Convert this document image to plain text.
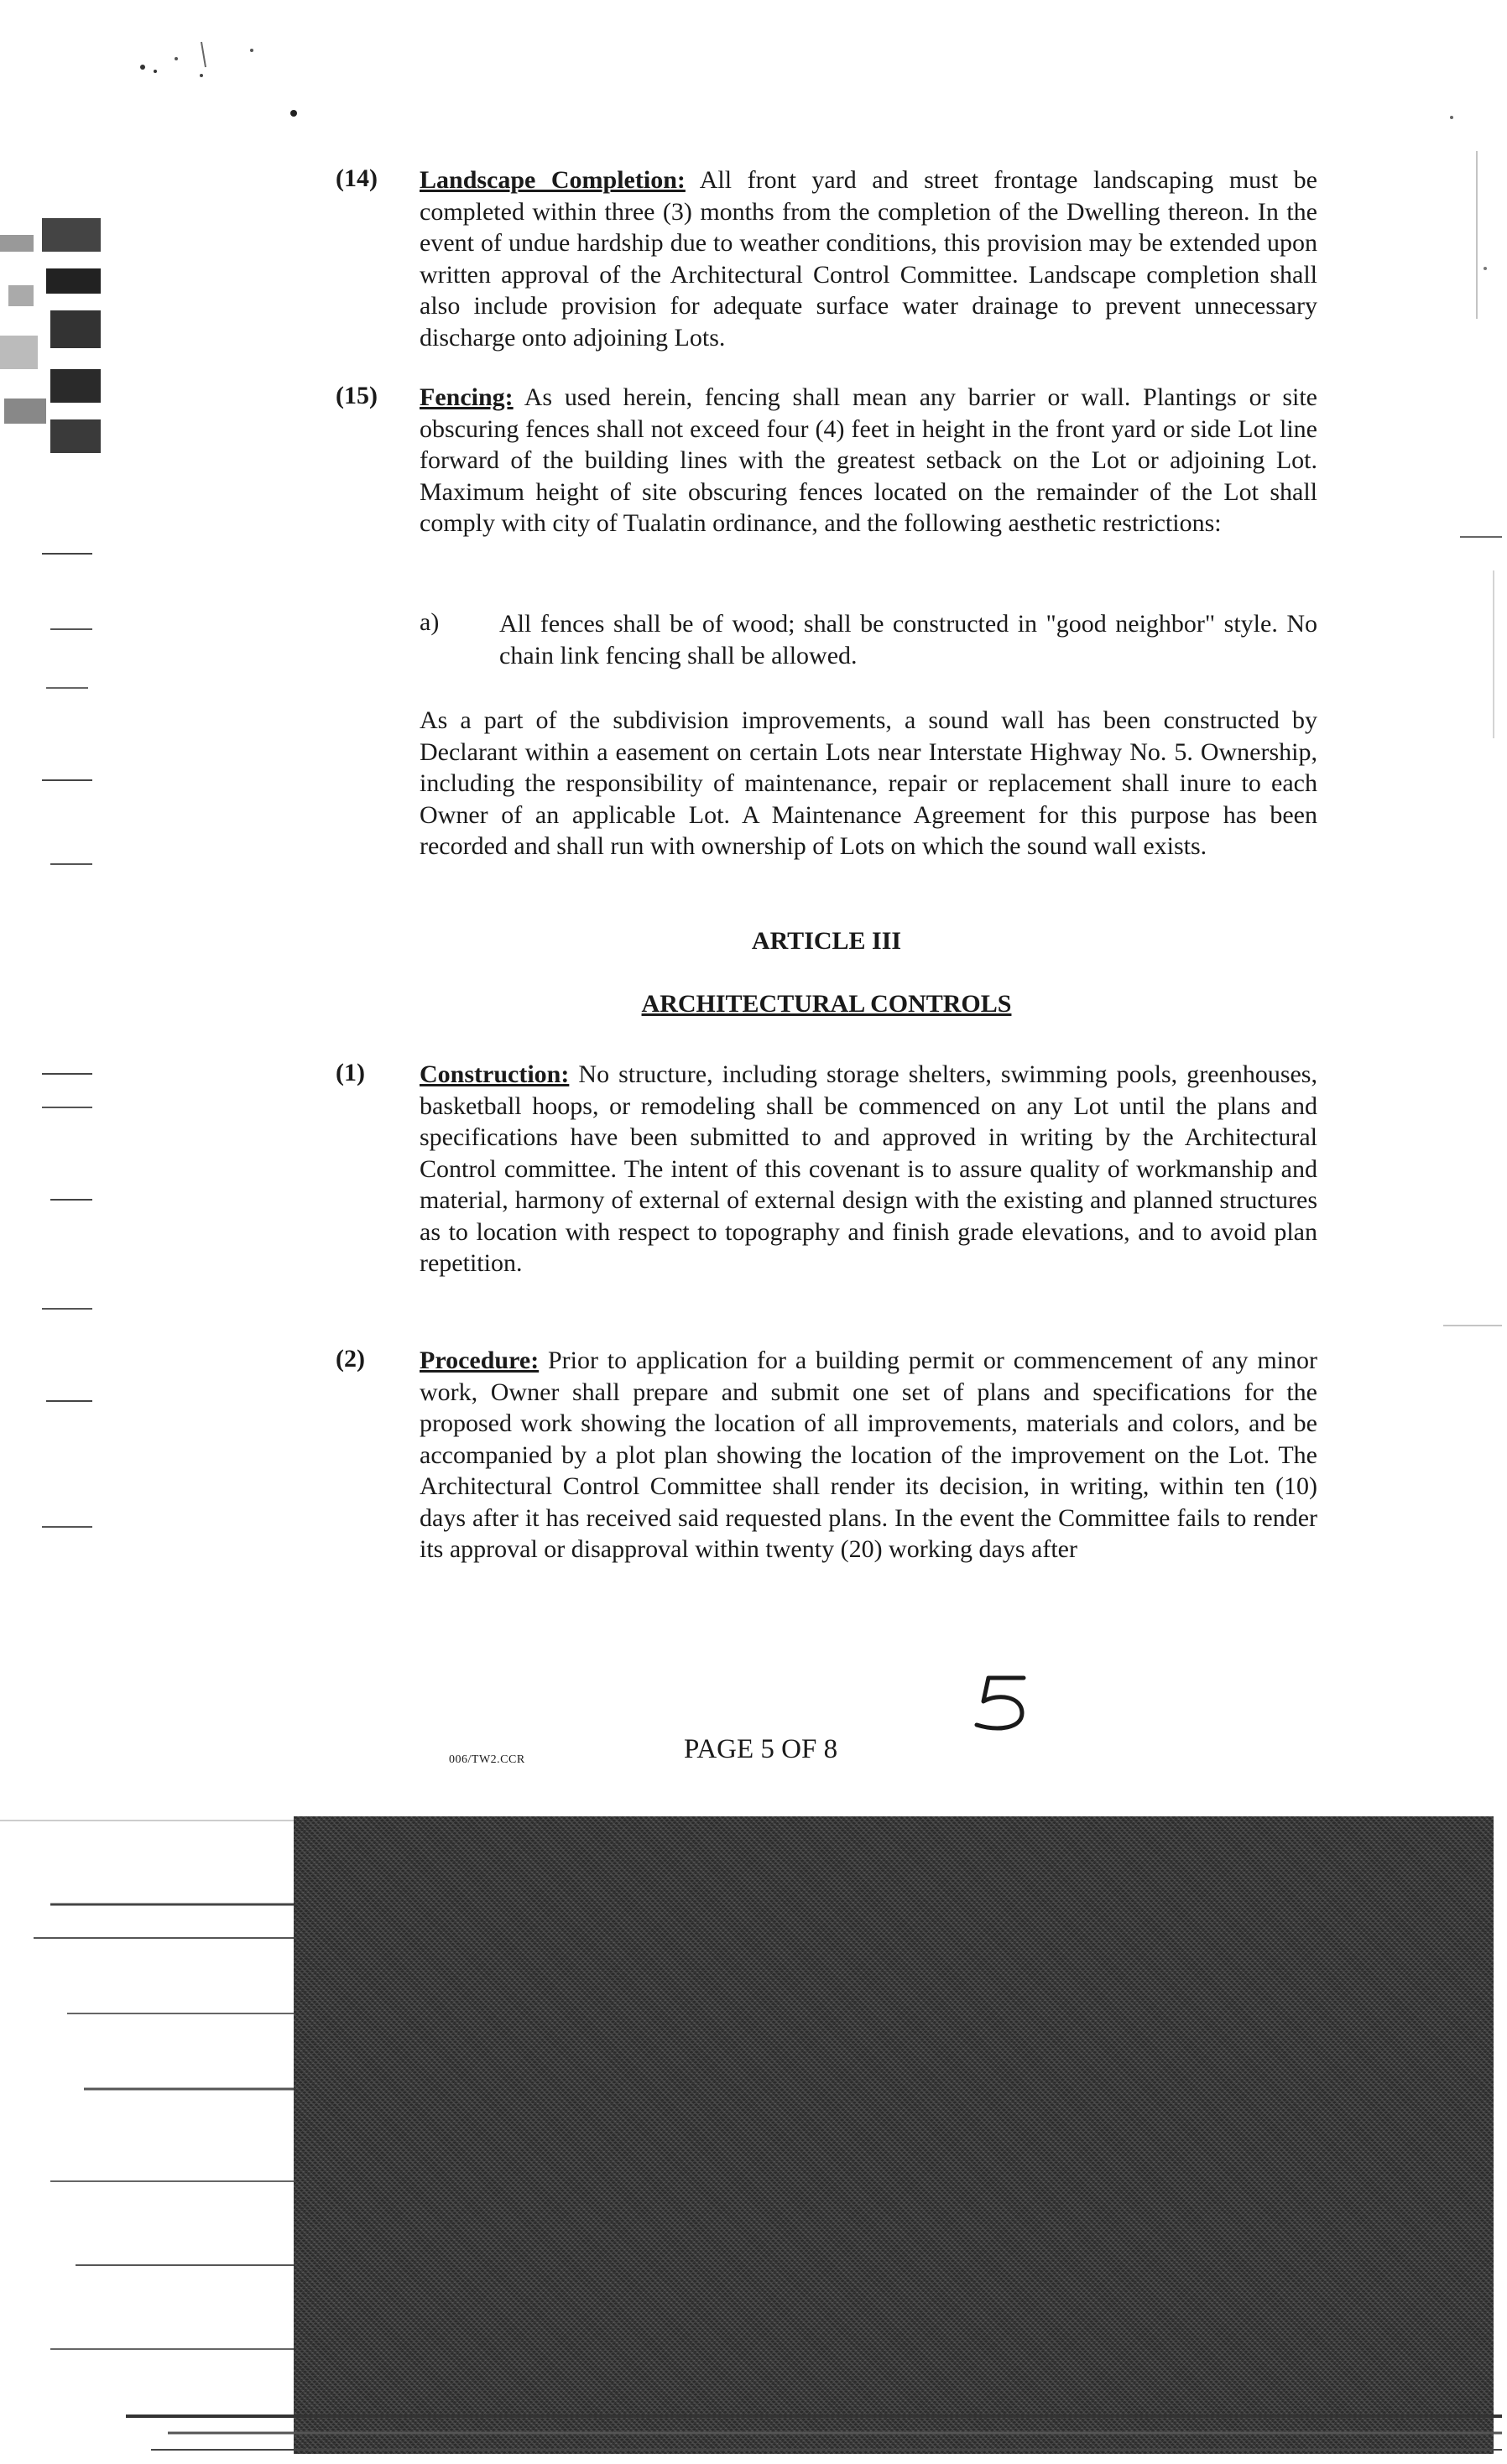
(14) Landscape Completion: All front yard and street frontage landscaping must be completed within three (3) months from the completion of the Dwelling thereon. In the event of undue hardship due to weather conditions, this provision may be extended upon written approval of the Architectural Control Committee. Landscape completion shall also include provision for adequate surface water drainage to prevent unnecessary discharge onto adjoining Lots.

(15) Fencing: As used herein, fencing shall mean any barrier or wall. Plantings or site obscuring fences shall not exceed four (4) feet in height in the front yard or side Lot line forward of the building lines with the greatest setback on the Lot or adjoining Lot. Maximum height of site obscuring fences located on the remainder of the Lot shall comply with city of Tualatin ordinance, and the following aesthetic restrictions:

a) All fences shall be of wood; shall be constructed in "good neighbor" style. No chain link fencing shall be allowed.

As a part of the subdivision improvements, a sound wall has been constructed by Declarant within a easement on certain Lots near Interstate Highway No. 5. Ownership, including the responsibility of maintenance, repair or replacement shall inure to each Owner of an applicable Lot. A Maintenance Agreement for this purpose has been recorded and shall run with ownership of Lots on which the sound wall exists.

ARTICLE III
ARCHITECTURAL CONTROLS
(1) Construction: No structure, including storage shelters, swimming pools, greenhouses, basketball hoops, or remodeling shall be commenced on any Lot until the plans and specifications have been submitted to and approved in writing by the Architectural Control committee. The intent of this covenant is to assure quality of workmanship and material, harmony of external of external design with the existing and planned structures as to location with respect to topography and finish grade elevations, and to avoid plan repetition.

(2) Procedure: Prior to application for a building permit or commencement of any minor work, Owner shall prepare and submit one set of plans and specifications for the proposed work showing the location of all improvements, materials and colors, and be accompanied by a plot plan showing the location of the improvement on the Lot. The Architectural Control Committee shall render its decision, in writing, within ten (10) days after it has received said requested plans. In the event the Committee fails to render its approval or disapproval within twenty (20) working days after

006/TW2.CCR	PAGE 5 OF 8
